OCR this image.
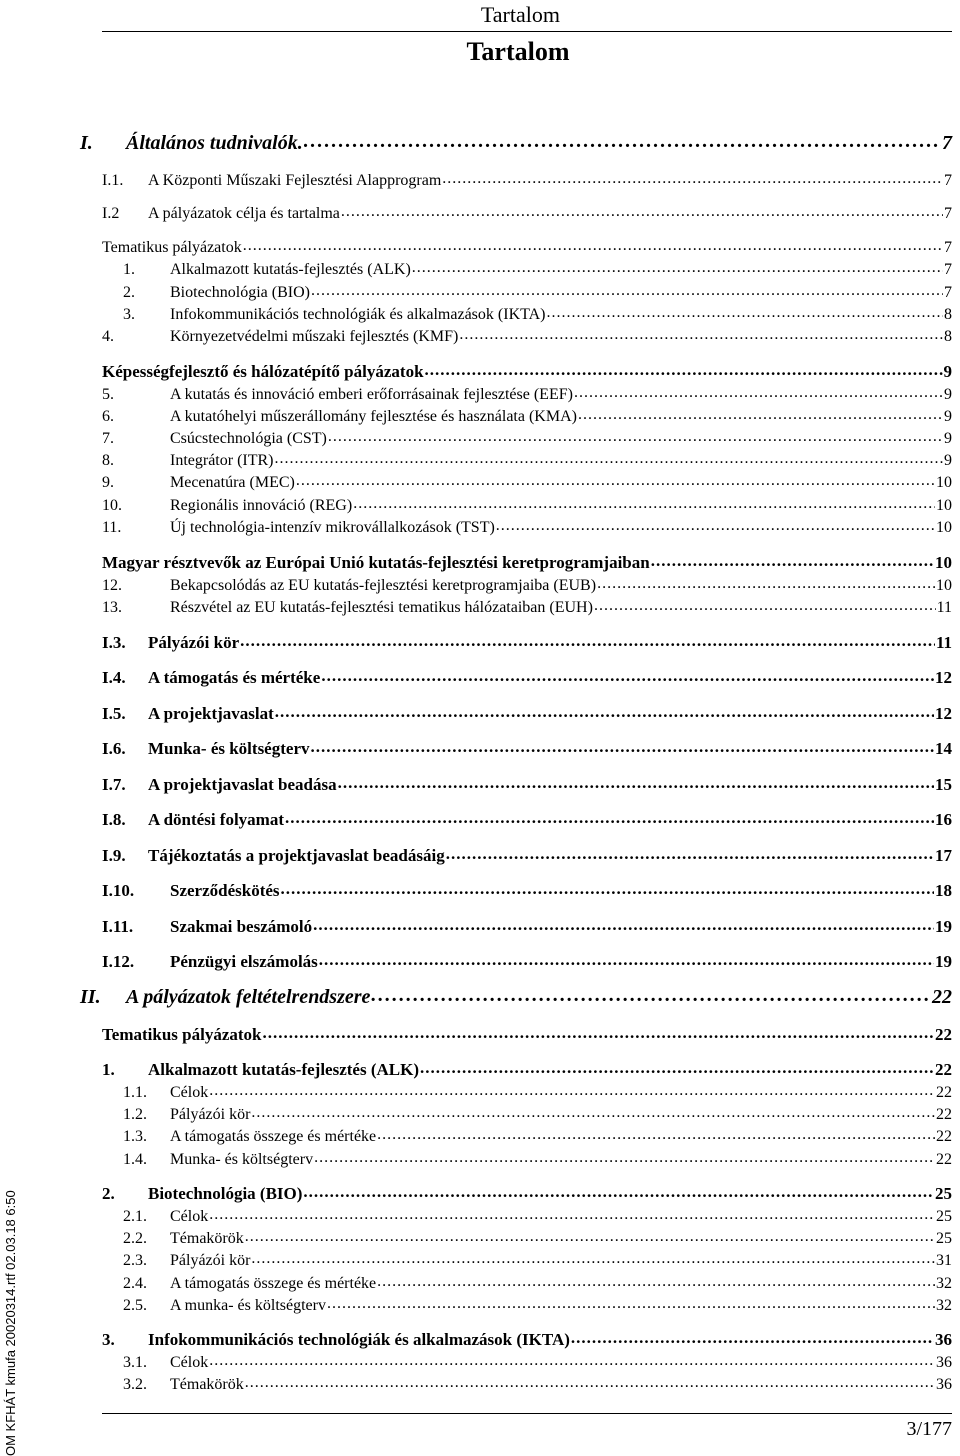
Tartalom
Tartalom
I.	Általános tudnivalók. .....	7
I.1.	A Központi Műszaki Fejlesztési Alapprogram .....	7
I.2	A pályázatok célja és tartalma .....	7
Tematikus pályázatok .....	7
1.	Alkalmazott kutatás-fejlesztés (ALK) .....	7
2.	Biotechnológia (BIO) .....	7
3.	Infokommunikációs technológiák és alkalmazások (IKTA) .....	8
4.	Környezetvédelmi műszaki fejlesztés (KMF) .....	8
Képességfejlesztő és hálózatépítő pályázatok .....	9
5.	A kutatás és innováció emberi erőforrásainak fejlesztése (EEF) .....	9
6.	A kutatóhelyi műszerállomány fejlesztése és használata (KMA) .....	9
7.	Csúcstechnológia (CST) .....	9
8.	Integrátor (ITR) .....	9
9.	Mecenatúra (MEC) .....	10
10.	Regionális innováció (REG) .....	10
11.	Új technológia-intenzív mikrovállalkozások (TST) .....	10
Magyar résztvevők az Európai Unió kutatás-fejlesztési keretprogramjaiban .....	10
12.	Bekapcsolódás az EU kutatás-fejlesztési keretprogramjaiba (EUB) .....	10
13.	Részvétel az EU kutatás-fejlesztési tematikus hálózataiban (EUH) .....	11
I.3.	Pályázói kör .....	11
I.4.	A támogatás és mértéke .....	12
I.5.	A projektjavaslat .....	12
I.6.	Munka- és költségterv .....	14
I.7.	A projektjavaslat beadása .....	15
I.8.	A döntési folyamat .....	16
I.9.	Tájékoztatás a projektjavaslat beadásáig .....	17
I.10.	Szerződéskötés .....	18
I.11.	Szakmai beszámoló .....	19
I.12.	Pénzügyi elszámolás .....	19
II.	A pályázatok feltételrendszere .....	22
Tematikus pályázatok .....	22
1.	Alkalmazott kutatás-fejlesztés (ALK) .....	22
1.1.	Célok .....	22
1.2.	Pályázói kör .....	22
1.3.	A támogatás összege és mértéke .....	22
1.4.	Munka- és költségterv .....	22
2.	Biotechnológia (BIO) .....	25
2.1.	Célok .....	25
2.2.	Témakörök .....	25
2.3.	Pályázói kör .....	31
2.4.	A támogatás összege és mértéke .....	32
2.5.	A munka- és költségterv .....	32
3.	Infokommunikációs technológiák és alkalmazások (IKTA) .....	36
3.1.	Célok .....	36
3.2.	Témakörök .....	36
3/177
OM KFHÁT kmufa 20020314.rtf 02.03.18 6:50
